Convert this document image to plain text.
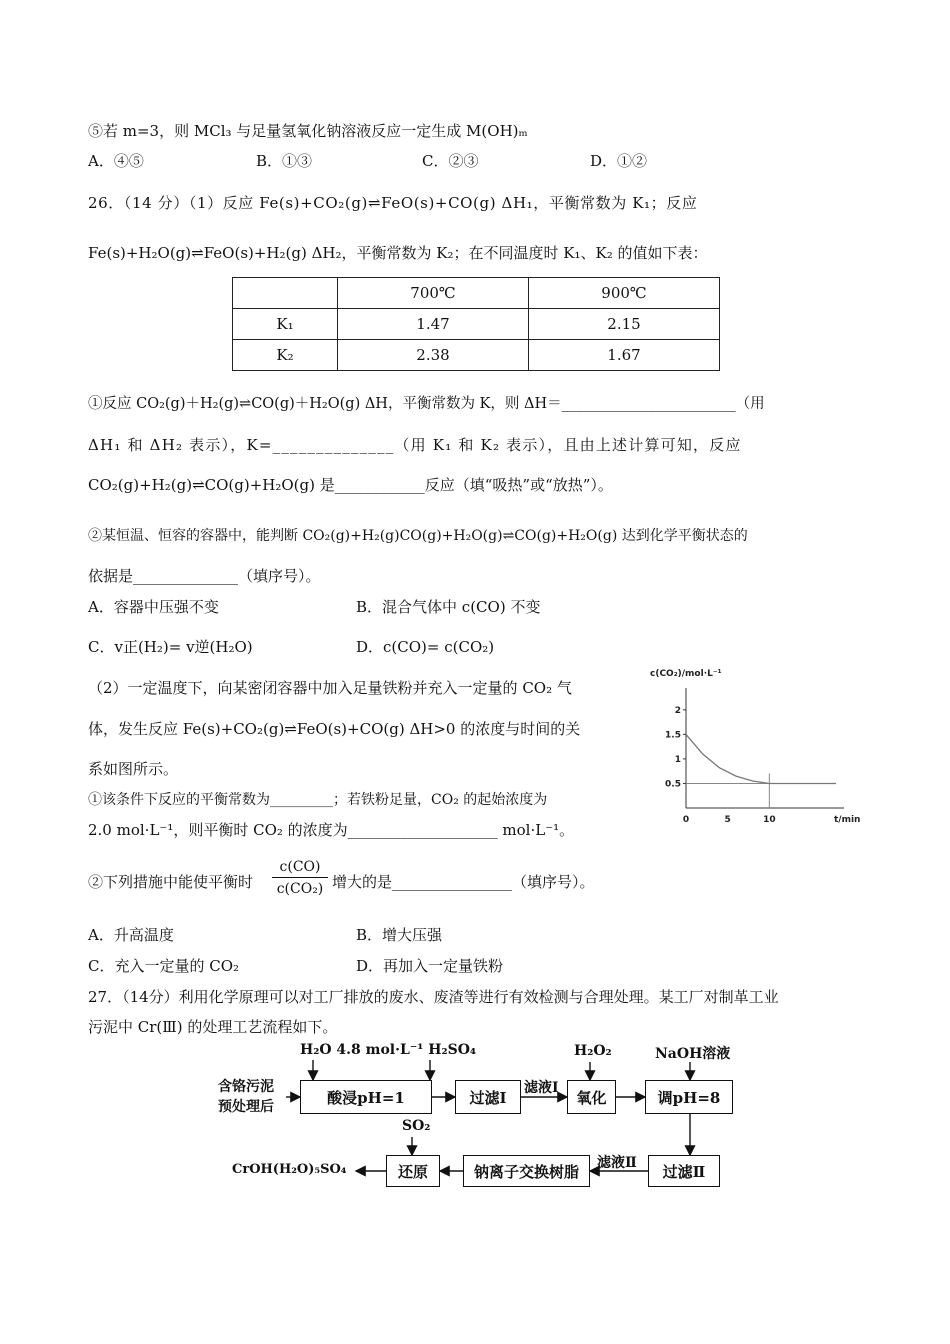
⑤若 m=3，则 MCl₃ 与足量氢氧化钠溶液反应一定生成 M(OH)ₘ
A．④⑤	B．①③	C．②③	D．①②
26．（14 分）（1）反应 Fe(s)+CO₂(g)⇌FeO(s)+CO(g) ΔH₁，平衡常数为 K₁；反应
Fe(s)+H₂O(g)⇌FeO(s)+H₂(g) ΔH₂，平衡常数为 K₂；在不同温度时 K₁、K₂ 的值如下表：
	700℃	900℃
K₁	1.47	2.15
K₂	2.38	1.67
①反应 CO₂(g)＋H₂(g)⇌CO(g)＋H₂O(g) ΔH，平衡常数为 K，则 ΔH＝________________________（用
ΔH₁ 和 ΔH₂ 表示），K=______________（用 K₁ 和 K₂ 表示），且由上述计算可知，反应
CO₂(g)+H₂(g)⇌CO(g)+H₂O(g) 是____________反应（填“吸热”或“放热”）。
②某恒温、恒容的容器中，能判断 CO₂(g)+H₂(g)CO(g)+H₂O(g)⇌CO(g)+H₂O(g) 达到化学平衡状态的
依据是______________（填序号）。
A．容器中压强不变	B．混合气体中 c(CO) 不变
C．v正(H₂)= v逆(H₂O)	D．c(CO)= c(CO₂)
（2）一定温度下，向某密闭容器中加入足量铁粉并充入一定量的 CO₂ 气
体，发生反应 Fe(s)+CO₂(g)⇌FeO(s)+CO(g) ΔH>0 的浓度与时间的关
系如图所示。
①该条件下反应的平衡常数为_________；若铁粉足量，CO₂ 的起始浓度为
2.0 mol·L⁻¹，则平衡时 CO₂ 的浓度为____________________ mol·L⁻¹。
c(CO₂)/mol·L⁻¹
t/min
0	5	10
0.5
1
1.5
2
②下列措施中能使平衡时 $\frac{c(CO)}{\text{c(CO₂)}}$ 增大的是________________（填序号）。
A．升高温度	B．增大压强
C．充入一定量的 CO₂	D．再加入一定量铁粉
27．（14分）利用化学原理可以对工厂排放的废水、废渣等进行有效检测与合理处理。某工厂对制革工业
污泥中 Cr(Ⅲ) 的处理工艺流程如下。
含铬污泥
预处理后
H₂O 4.8 mol·L⁻¹ H₂SO₄
酸浸pH=1	过滤Ⅰ
滤液Ⅰ
H₂O₂
氧化
NaOH溶液
调pH=8
过滤Ⅱ
滤液Ⅱ
钠离子交换树脂
SO₂
还原
CrOH(H₂O)₅SO₄
